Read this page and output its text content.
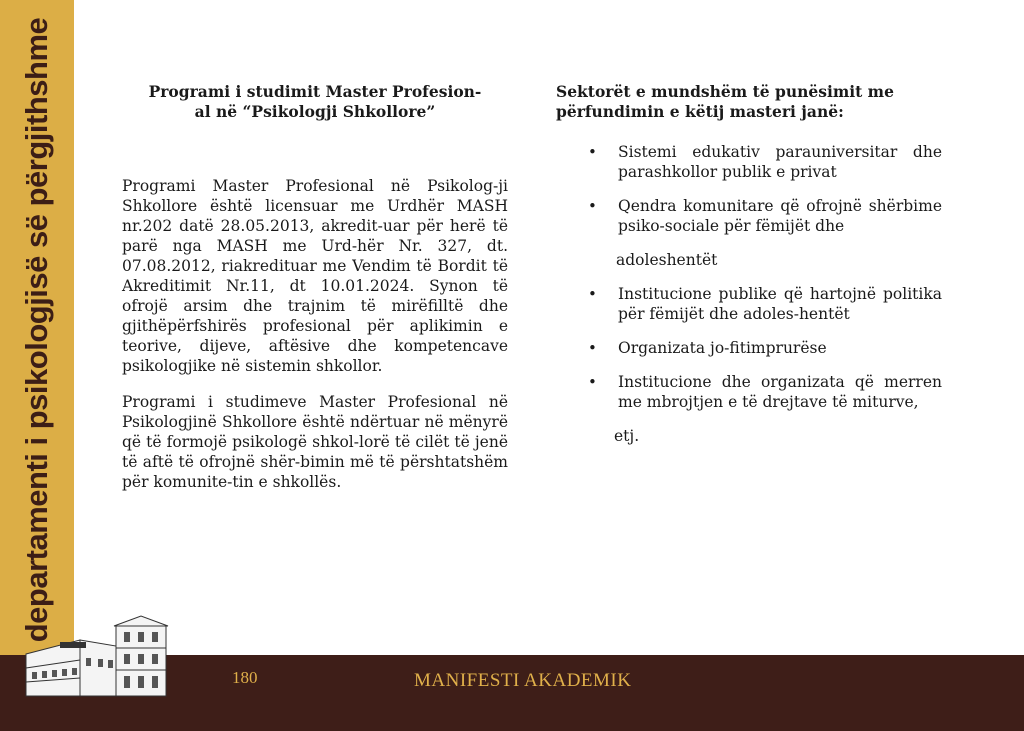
departamenti i psikologjisë së përgjithshme	Programi i studimit Master Profesion-
al në “Psikologji Shkollore”

Programi Master Profesional në Psikolog-ji Shkollore është licensuar me Urdhër MASH nr.202 datë 28.05.2013, akredit-uar për herë të parë nga MASH me Urd-hër Nr. 327, dt. 07.08.2012, riakredituar me Vendim të Bordit të Akreditimit Nr.11, dt 10.01.2024. Synon të ofrojë arsim dhe trajnim të mirëfilltë dhe gjithëpërfshirës profesional për aplikimin e teorive, dijeve, aftësive dhe kompetencave psikologjike në sistemin shkollor.

Programi i studimeve Master Profesional në Psikologjinë Shkollore është ndërtuar në mënyrë që të formojë psikologë shkol-lorë të cilët të jenë të aftë të ofrojnë shër-bimin më të përshtatshëm për komunite-tin e shkollës.

Sektorët e mundshëm të punësimit me përfundimin e këtij masteri janë:
• Sistemi edukativ parauniversitar dhe parashkollor publik e privat
• Qendra komunitare që ofrojnë shërbime psiko-sociale për fëmijët dhe

adoleshentët

• Institucione publike që hartojnë politika për fëmijët dhe adoles-hentët
• Organizata jo-fitimprurëse
• Institucione dhe organizata që merren me mbrojtjen e të drejtave të miturve,

etj.

180	MANIFESTI AKADEMIK
